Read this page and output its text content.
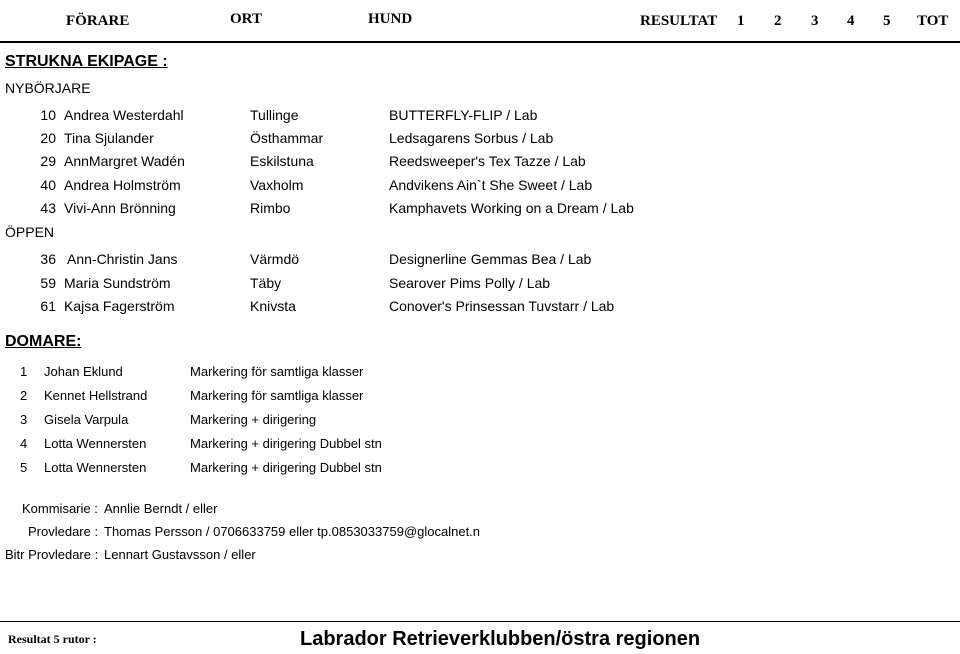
FÖRARE	ORT	HUND	RESULTAT 1 2 3 4 5 TOT
STRUKNA EKIPAGE :
NYBÖRJARE
10 Andrea Westerdahl	Tullinge	BUTTERFLY-FLIP / Lab
20 Tina Sjulander	Östhammar	Ledsagarens Sorbus / Lab
29 AnnMargret Wadén	Eskilstuna	Reedsweeper's Tex Tazze / Lab
40 Andrea Holmström	Vaxholm	Andvikens Ain`t She Sweet / Lab
43 Vivi-Ann Brönning	Rimbo	Kamphavets Working on a Dream / Lab
ÖPPEN
36 Ann-Christin Jans	Värmdö	Designerline Gemmas Bea / Lab
59 Maria Sundström	Täby	Searover Pims Polly / Lab
61 Kajsa Fagerström	Knivsta	Conover's Prinsessan Tuvstarr / Lab
DOMARE:
1 Johan Eklund	Markering för samtliga klasser
2 Kennet Hellstrand	Markering för samtliga klasser
3 Gisela Varpula	Markering + dirigering
4 Lotta Wennersten	Markering + dirigering Dubbel stn
5 Lotta Wennersten	Markering + dirigering Dubbel stn
Kommisarie : Annlie Berndt / eller
Provledare : Thomas Persson / 0706633759 eller tp.0853033759@glocalnet.n
Bitr Provledare : Lennart Gustavsson / eller
Resultat 5 rutor :	Labrador Retrieverklubben/östra regionen
